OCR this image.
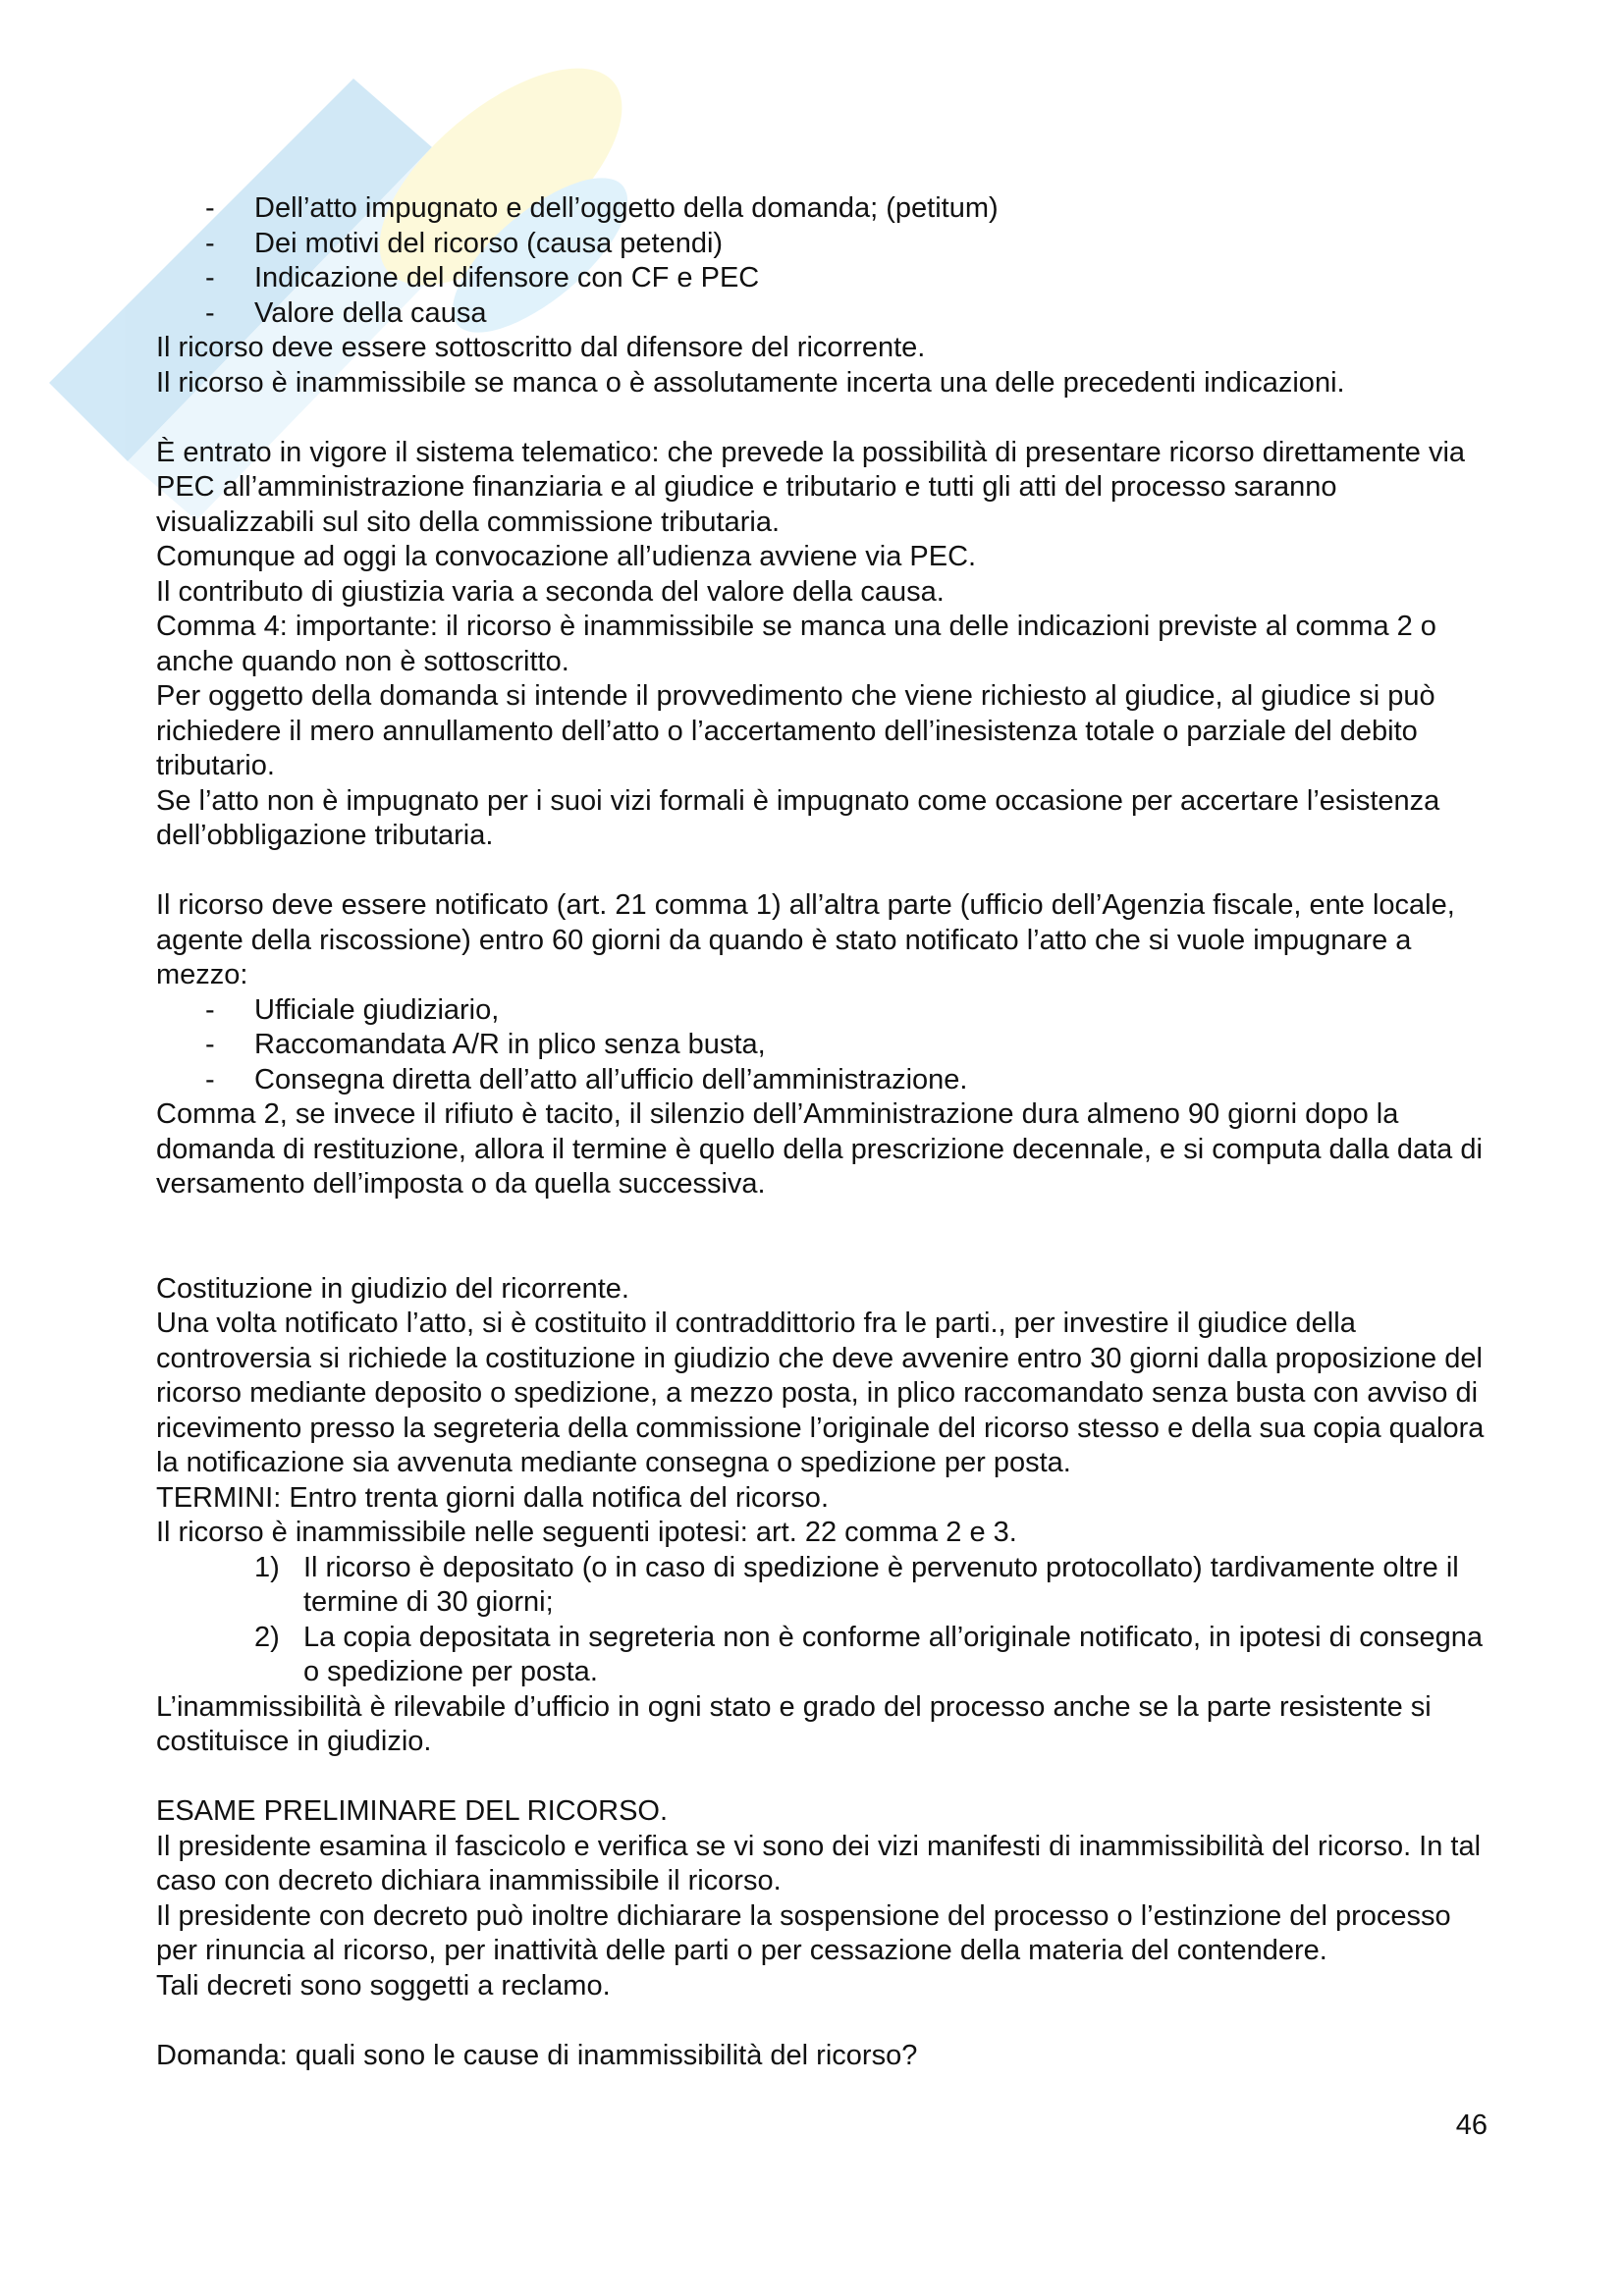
- Dell’atto impugnato e dell’oggetto della domanda; (petitum)
- Dei motivi del ricorso (causa petendi)
- Indicazione del difensore con CF e PEC
- Valore della causa

Il ricorso deve essere sottoscritto dal difensore del ricorrente.

Il ricorso è inammissibile se manca o è assolutamente incerta una delle precedenti indicazioni.

È entrato in vigore il sistema telematico: che prevede la possibilità di presentare ricorso direttamente via PEC all’amministrazione finanziaria e al giudice e tributario e tutti gli atti del processo saranno visualizzabili sul sito della commissione tributaria.

Comunque ad oggi la convocazione all’udienza avviene via PEC.

Il contributo di giustizia varia a seconda del valore della causa.

Comma 4: importante: il ricorso è inammissibile se manca una delle indicazioni previste al comma 2 o anche quando non è sottoscritto.

Per oggetto della domanda si intende il provvedimento che viene richiesto al giudice, al giudice si può richiedere il mero annullamento dell’atto o l’accertamento dell’inesistenza totale o parziale del debito tributario.

Se l’atto non è impugnato per i suoi vizi formali è impugnato come occasione per accertare l’esistenza dell’obbligazione tributaria.

Il ricorso deve essere notificato (art. 21 comma 1) all’altra parte (ufficio dell’Agenzia fiscale, ente locale, agente della riscossione) entro 60 giorni da quando è stato notificato l’atto che si vuole impugnare a mezzo:

- Ufficiale giudiziario,
- Raccomandata A/R in plico senza busta,
- Consegna diretta dell’atto all’ufficio dell’amministrazione.

Comma 2, se invece il rifiuto è tacito, il silenzio dell’Amministrazione dura almeno 90 giorni dopo la domanda di restituzione, allora il termine è quello della prescrizione decennale, e si computa dalla data di versamento dell’imposta o da quella successiva.

Costituzione in giudizio del ricorrente.

Una volta notificato l’atto, si è costituito il contraddittorio fra le parti., per investire il giudice della controversia si richiede la costituzione in giudizio che deve avvenire entro 30 giorni dalla proposizione del ricorso mediante deposito o spedizione, a mezzo posta, in plico raccomandato senza busta con avviso di ricevimento presso la segreteria della commissione l’originale del ricorso stesso e della sua copia qualora la notificazione sia avvenuta mediante consegna o spedizione per posta.

TERMINI: Entro trenta giorni dalla notifica del ricorso.

Il ricorso è inammissibile nelle seguenti ipotesi: art. 22 comma 2 e 3.

1) Il ricorso è depositato (o in caso di spedizione è pervenuto protocollato) tardivamente oltre il termine di 30 giorni;
2) La copia depositata in segreteria non è conforme all’originale notificato, in ipotesi di consegna o spedizione per posta.

L’inammissibilità è rilevabile d’ufficio in ogni stato e grado del processo anche se la parte resistente si costituisce in giudizio.

ESAME PRELIMINARE DEL RICORSO.

Il presidente esamina il fascicolo e verifica se vi sono dei vizi manifesti di inammissibilità del ricorso. In tal caso con decreto dichiara inammissibile il ricorso.

Il presidente con decreto può inoltre dichiarare la sospensione del processo o l’estinzione del processo per rinuncia al ricorso, per inattività delle parti o per cessazione della materia del contendere.

Tali decreti sono soggetti a reclamo.

Domanda: quali sono le cause di inammissibilità del ricorso?

46
